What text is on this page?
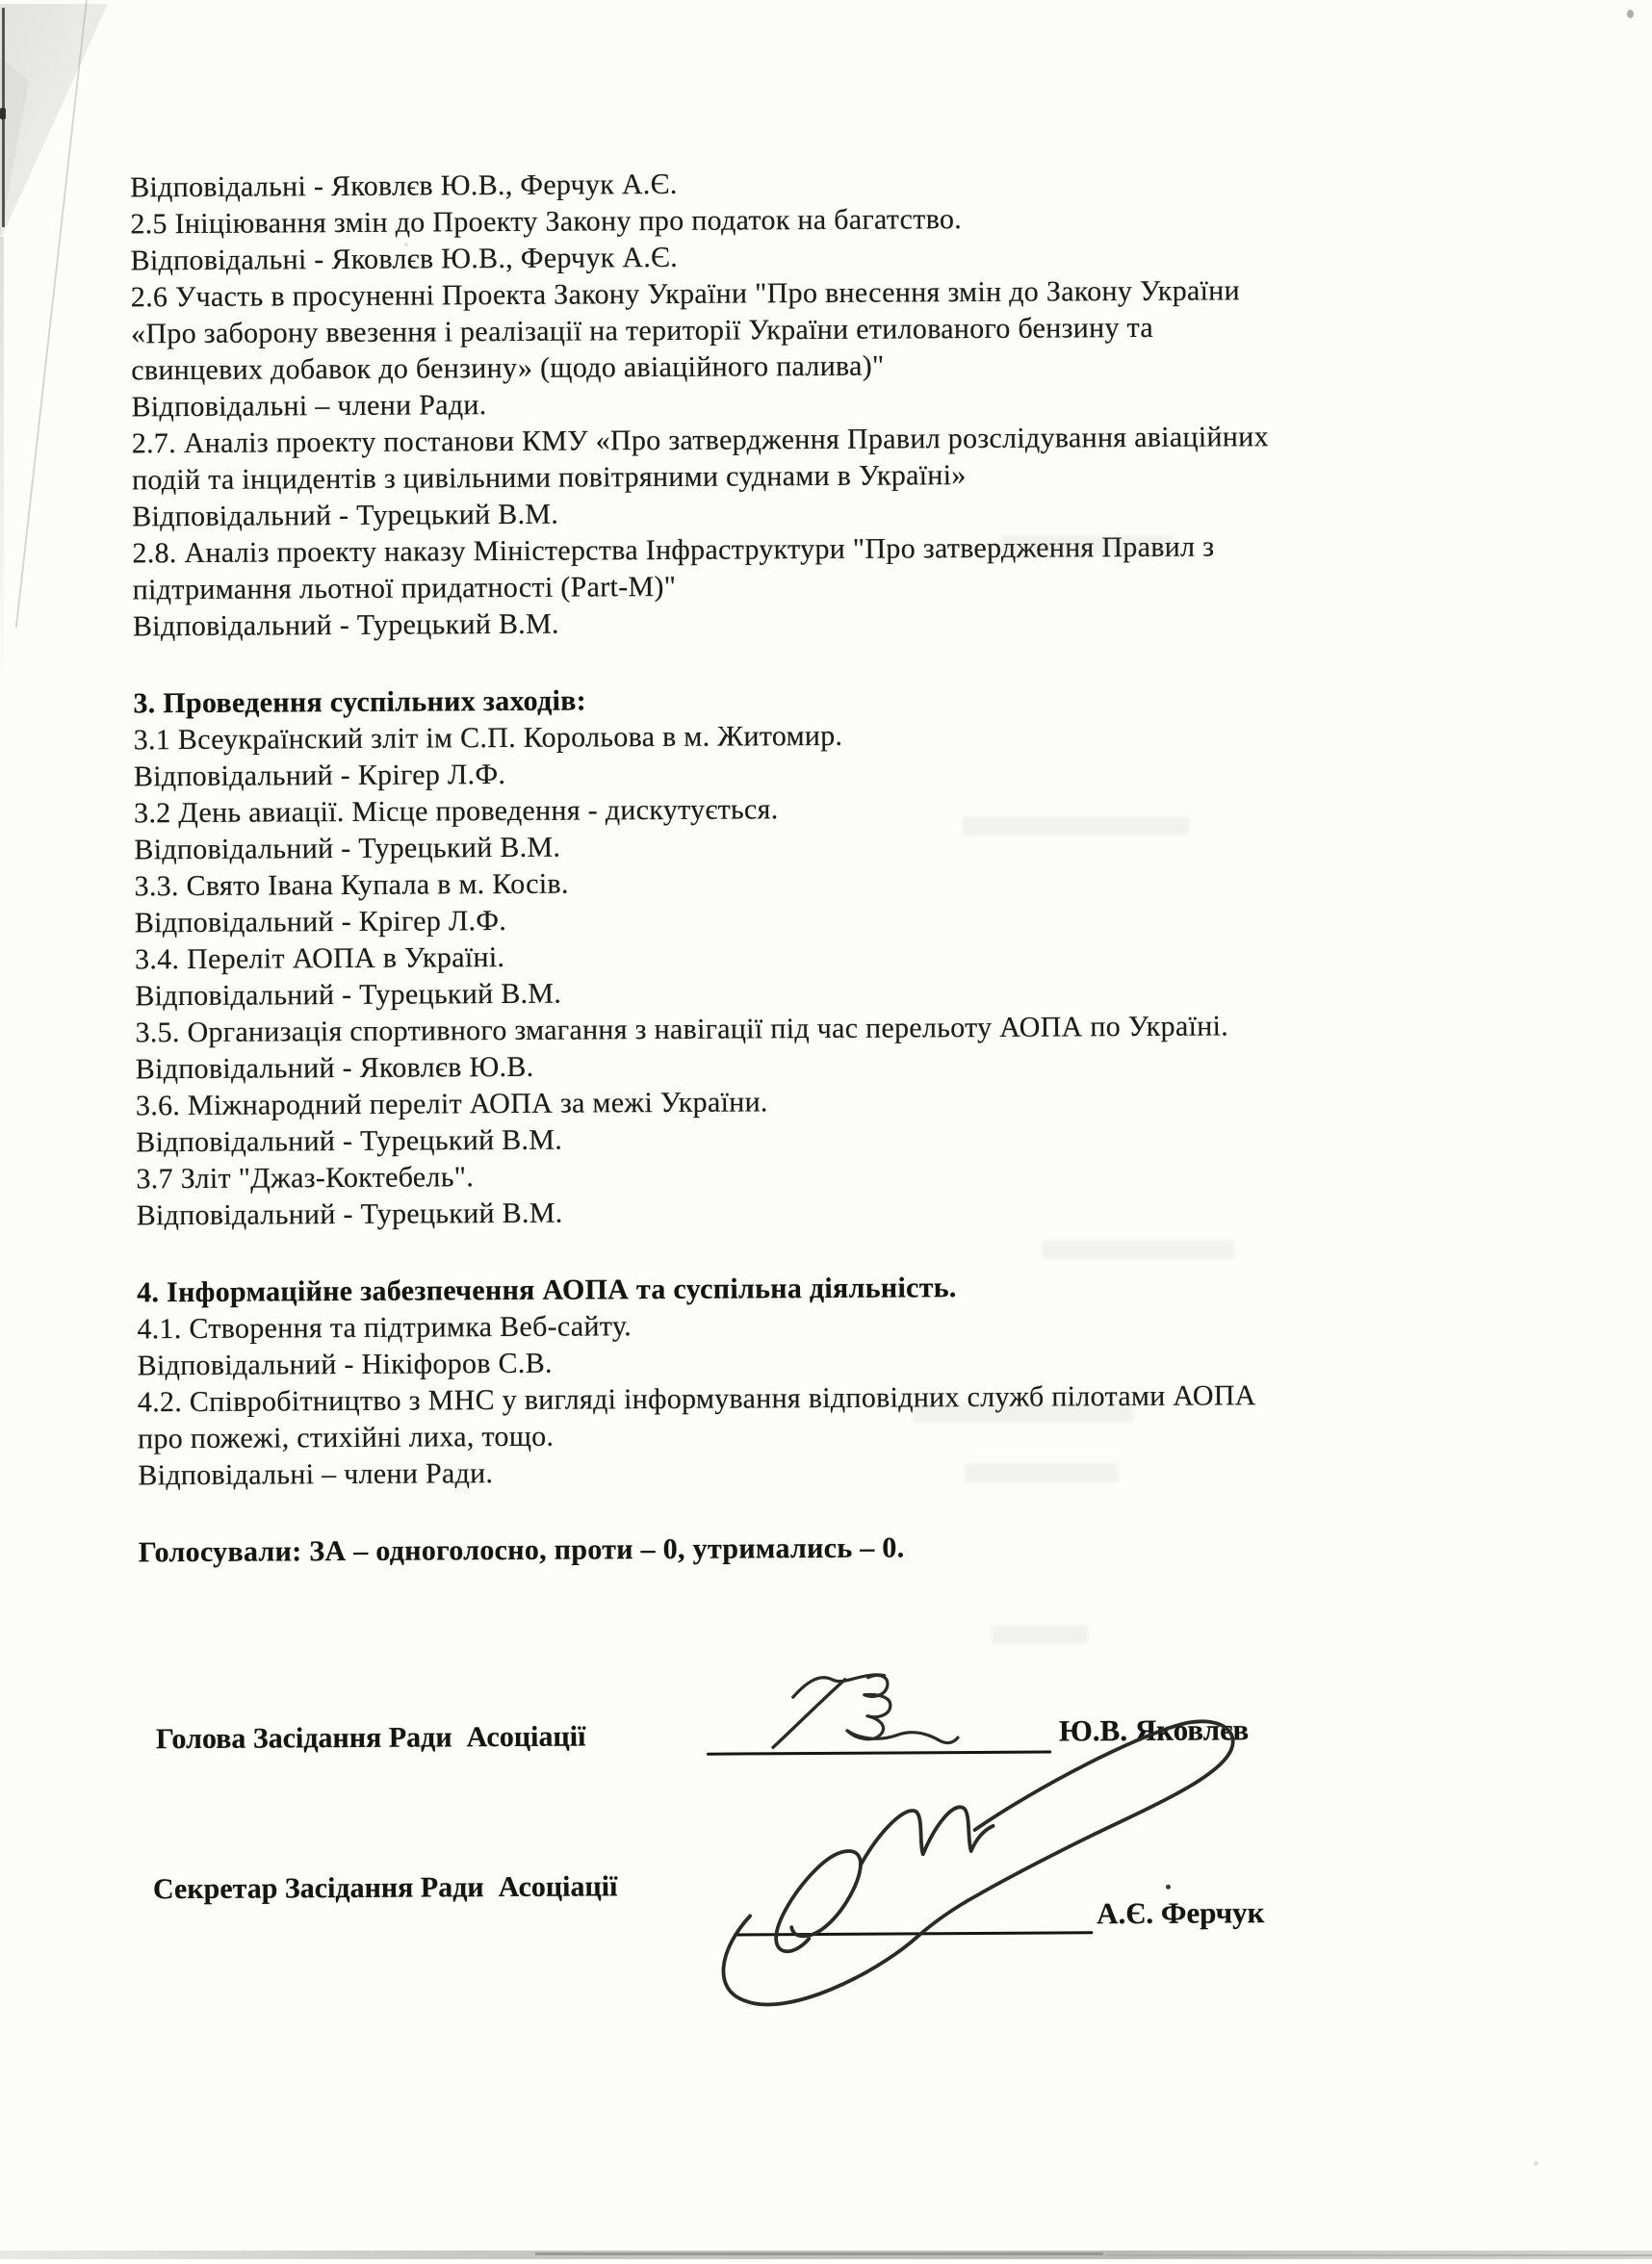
Відповідальні - Яковлєв Ю.В., Ферчук А.Є.
2.5 Ініціювання змін до Проекту Закону про податок на багатство.
Відповідальні - Яковлєв Ю.В., Ферчук А.Є.
2.6 Участь в просуненні Проекта Закону України "Про внесення змін до Закону України
«Про заборону ввезення і реалізації на території України етилованого бензину та
свинцевих добавок до бензину» (щодо авіаційного палива)"
Відповідальні – члени Ради.
2.7. Аналіз проекту постанови КМУ «Про затвердження Правил розслідування авіаційних
подій та інцидентів з цивільними повітряними суднами в Україні»
Відповідальний - Турецький В.М.
2.8. Аналіз проекту наказу Міністерства Інфраструктури "Про затвердження Правил з
підтримання льотної придатності (Part-M)"
Відповідальний - Турецький В.М.
3. Проведення суспільних заходів:
3.1 Всеукраїнский зліт ім С.П. Корольова в м. Житомир.
Відповідальний - Крігер Л.Ф.
3.2 День авиації. Місце проведення - дискутується.
Відповідальний - Турецький В.М.
3.3. Свято Івана Купала в м. Косів.
Відповідальний - Крігер Л.Ф.
3.4. Переліт АОПА в Україні.
Відповідальний - Турецький В.М.
3.5. Организація спортивного змагання з навігації під час перельоту АОПА по Україні.
Відповідальний - Яковлєв Ю.В.
3.6. Міжнародний переліт АОПА за межі України.
Відповідальний - Турецький В.М.
3.7 Зліт "Джаз-Коктебель".
Відповідальний - Турецький В.М.
4. Інформаційне забезпечення АОПА та суспільна діяльність.
4.1. Створення та підтримка Веб-сайту.
Відповідальний - Нікіфоров С.В.
4.2. Співробітництво з МНС у вигляді інформування відповідних служб пілотами АОПА
про пожежі, стихійні лиха, тощо.
Відповідальні – члени Ради.
Голосували: ЗА – одноголосно, проти – 0, утримались – 0.
Голова Засідання Ради  Асоціації	Ю.В. Яковлєв
Секретар Засідання Ради  Асоціації
А.Є. Ферчук
